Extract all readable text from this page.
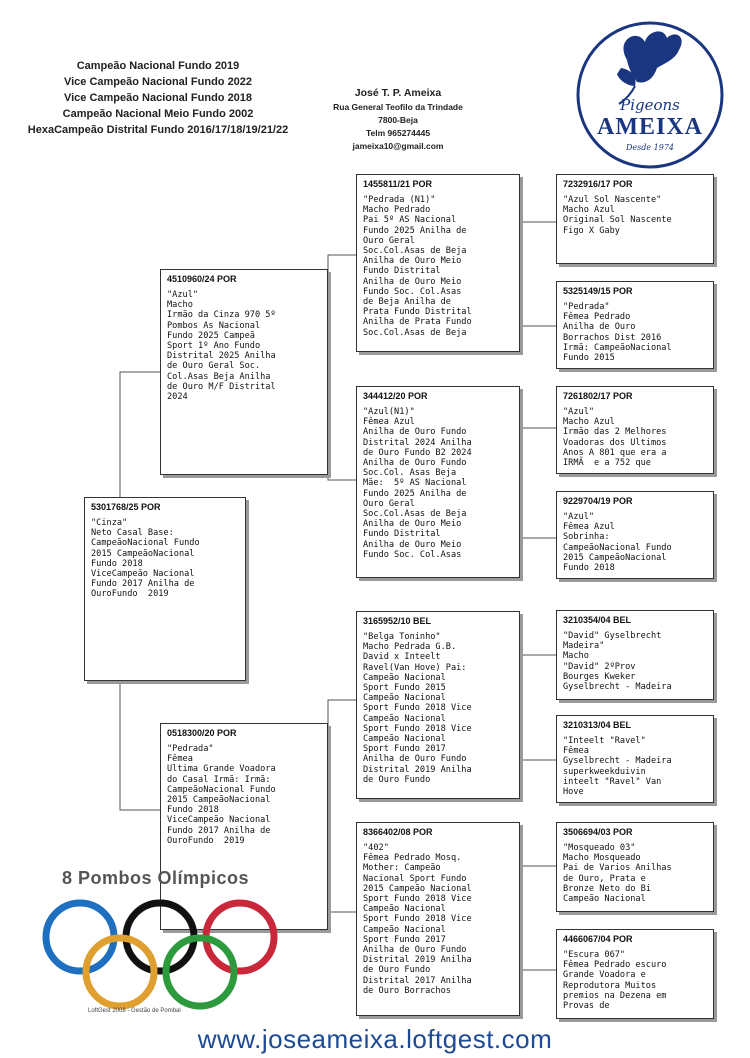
Campeão Nacional Fundo 2019
Vice Campeão Nacional Fundo 2022
Vice Campeão Nacional Fundo 2018
Campeão Nacional Meio Fundo 2002
HexaCampeão Distrital Fundo 2016/17/18/19/21/22
José T. P. Ameixa
Rua General Teofilo da Trindade
7800-Beja
Telm 965274445
jameixa10@gmail.com
Pigeons
AMEIXA
Desde 1974
5301768/25 POR
"Cinza"
Neto Casal Base:
CampeãoNacional Fundo
2015 CampeãoNacional
Fundo 2018
ViceCampeão Nacional
Fundo 2017 Anilha de
OuroFundo  2019
4510960/24 POR
"Azul"
Macho
Irmão da Cinza 970 5º
Pombos As Nacional
Fundo 2025 Campeã
Sport 1º Ano Fundo
Distrital 2025 Anilha
de Ouro Geral Soc.
Col.Asas Beja Anilha
de Ouro M/F Distrital
2024
0518300/20 POR
"Pedrada"
Fêmea
Ultima Grande Voadora
do Casal Irmã: Irmã:
CampeãoNacional Fundo
2015 CampeãoNacional
Fundo 2018
ViceCampeão Nacional
Fundo 2017 Anilha de
OuroFundo  2019
1455811/21 POR
"Pedrada (N1)"
Macho Pedrado
Pai 5º AS Nacional
Fundo 2025 Anilha de
Ouro Geral
Soc.Col.Asas de Beja
Anilha de Ouro Meio
Fundo Distrital
Anilha de Ouro Meio
Fundo Soc. Col.Asas
de Beja Anilha de
Prata Fundo Distrital
Anilha de Prata Fundo
Soc.Col.Asas de Beja
344412/20 POR
"Azul(N1)"
Fêmea Azul
Anilha de Ouro Fundo
Distrital 2024 Anilha
de Ouro Fundo B2 2024
Anilha de Ouro Fundo
Soc.Col. Asas Beja
Mãe:  5º AS Nacional
Fundo 2025 Anilha de
Ouro Geral
Soc.Col.Asas de Beja
Anilha de Ouro Meio
Fundo Distrital
Anilha de Ouro Meio
Fundo Soc. Col.Asas
3165952/10 BEL
"Belga Toninho"
Macho Pedrada G.B.
David x Inteelt
Ravel(Van Hove) Pai:
Campeão Nacional
Sport Fundo 2015
Campeão Nacional
Sport Fundo 2018 Vice
Campeão Nacional
Sport Fundo 2018 Vice
Campeão Nacional
Sport Fundo 2017
Anilha de Ouro Fundo
Distrital 2019 Anilha
de Ouro Fundo
8366402/08 POR
"402"
Fêmea Pedrado Mosq.
Mother: Campeão
Nacional Sport Fundo
2015 Campeão Nacional
Sport Fundo 2018 Vice
Campeão Nacional
Sport Fundo 2018 Vice
Campeão Nacional
Sport Fundo 2017
Anilha de Ouro Fundo
Distrital 2019 Anilha
de Ouro Fundo
Distrital 2017 Anilha
de Ouro Borrachos
7232916/17 POR
"Azul Sol Nascente"
Macho Azul
Original Sol Nascente
Figo X Gaby
5325149/15 POR
"Pedrada"
Fêmea Pedrado
Anilha de Ouro
Borrachos Dist 2016
Irmã: CampeãoNacional
Fundo 2015
7261802/17 POR
"Azul"
Macho Azul
Irmão das 2 Melhores
Voadoras dos Ultimos
Anos A 801 que era a
IRMÃ  e a 752 que
9229704/19 POR
"Azul"
Fêmea Azul
Sobrinha:
CampeãoNacional Fundo
2015 CampeãoNacional
Fundo 2018
3210354/04 BEL
"David" Gyselbrecht
Madeira"
Macho
"David" 2ºProv
Bourges Kweker
Gyselbrecht - Madeira
3210313/04 BEL
"Inteelt "Ravel"
Fêmea
Gyselbrecht - Madeira
superkweekduivin
inteelt "Ravel" Van
Hove
3506694/03 POR
"Mosqueado 03"
Macho Mosqueado
Pai de Varios Anilhas
de Ouro, Prata e
Bronze Neto do Bi
Campeão Nacional
4466067/04 POR
"Escura 067"
Fêmea Pedrado escuro
Grande Voadora e
Reprodutora Muitos
premios na Dezena em
Provas de
8 Pombos Olímpicos
LoftGest 2008 - Gestão de Pombal
www.joseameixa.loftgest.com
